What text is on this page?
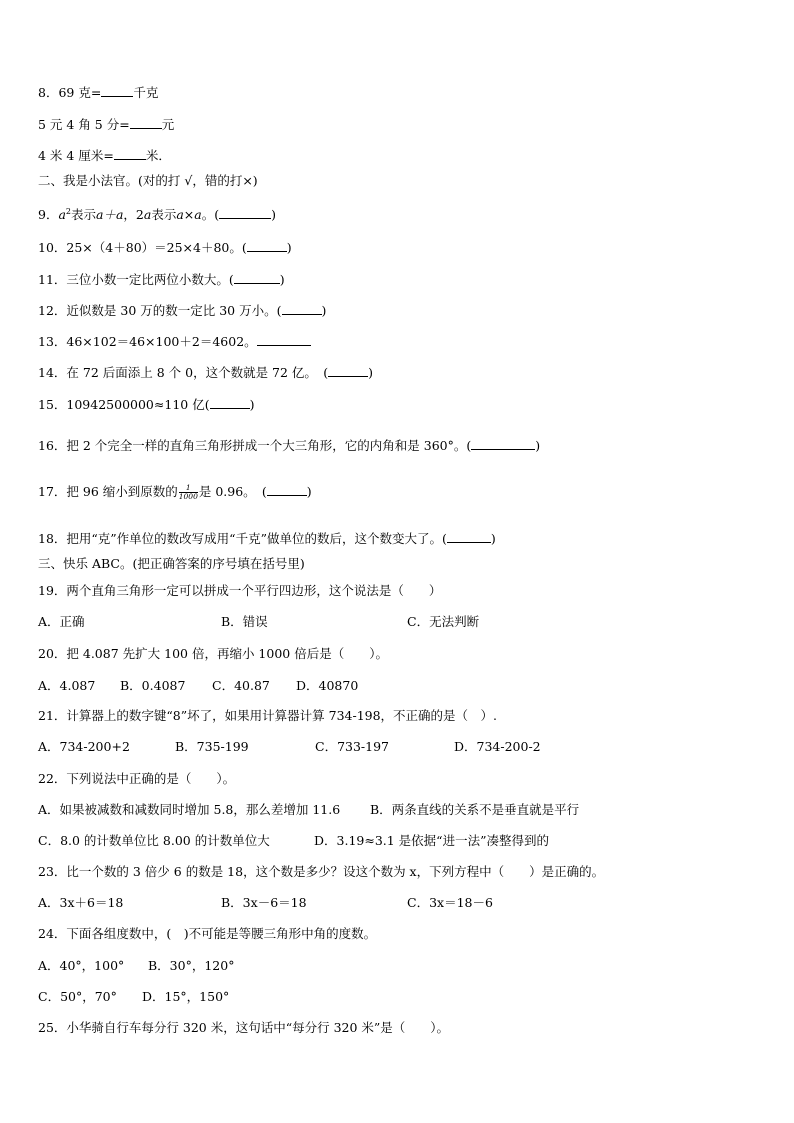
8．69 克=	千克
5 元 4 角 5 分=	元
4 米 4 厘米=	米．
二、我是小法官。(对的打 √，错的打×)
9．$a^2$表示a＋a，2a表示a×a。(	)
10．25×（4＋80）＝25×4＋80。(	)
11．三位小数一定比两位小数大。(	)
12．近似数是 30 万的数一定比 30 万小。(	)
13．46×102＝46×100＋2＝4602。
14．在 72 后面添上 8 个 0，这个数就是 72 亿。　(	)
15．10942500000≈110 亿(	)
16．把 2 个完全一样的直角三角形拼成一个大三角形，它的内角和是 360°。(	)
17．把 96 缩小到原数的 $\frac{1}{1000}$ 是 0.96。　(	)
18．把用“克”作单位的数改写成用“千克”做单位的数后，这个数变大了。(	)
三、快乐 ABC。(把正确答案的序号填在括号里)
19．两个直角三角形一定可以拼成一个平行四边形，这个说法是（　　）
A．正确	B．错误	C．无法判断
20．把 4.087 先扩大 100 倍，再缩小 1000 倍后是（　　）。
A．4.087 B．0.4087 C．40.87 D．40870
21．计算器上的数字键“8”坏了，如果用计算器计算 734-198，不正确的是（　）.
A．734-200+2	B．735-199	C．733-197	D．734-200-2
22．下列说法中正确的是（　　）。
A．如果被减数和减数同时增加 5.8，那么差增加 11.6 B．两条直线的关系不是垂直就是平行
C．8.0 的计数单位比 8.00 的计数单位大	D．3.19≈3.1 是依据“进一法”凑整得到的
23．比一个数的 3 倍少 6 的数是 18，这个数是多少？设这个数为 x，下列方程中（　　）是正确的。
A．3x＋6＝18	B．3x－6＝18	C．3x＝18－6
24．下面各组度数中，(　)不可能是等腰三角形中角的度数。
A．40°，100° B．30°，120°
C．50°，70° D．15°，150°
25．小华骑自行车每分行 320 米，这句话中“每分行 320 米”是（　　）。
